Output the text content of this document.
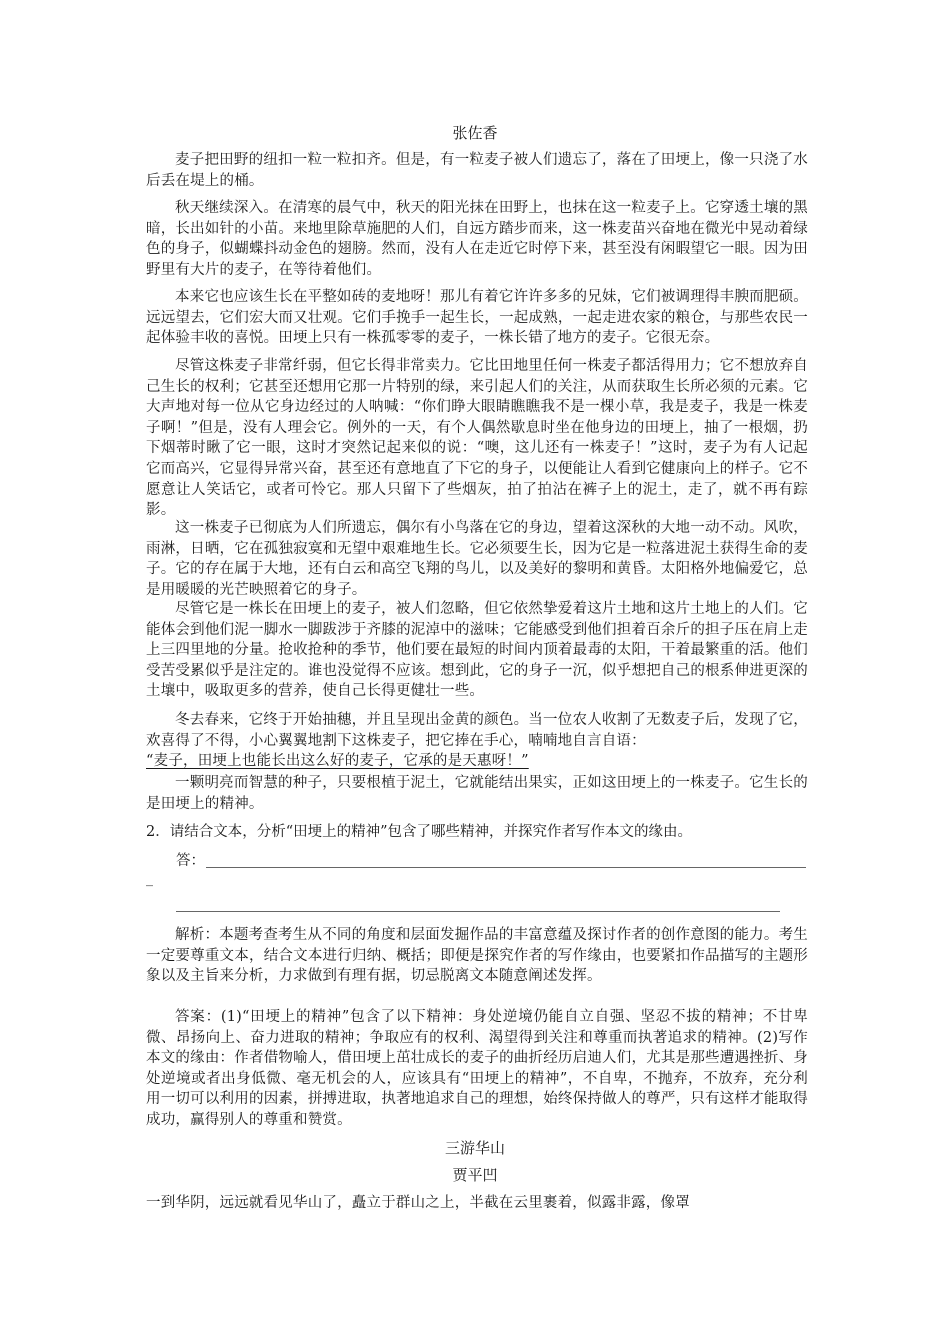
张佐香

麦子把田野的纽扣一粒一粒扣齐。但是，有一粒麦子被人们遗忘了，落在了田埂上，像一只浇了水后丢在堤上的桶。

秋天继续深入。在清寒的晨气中，秋天的阳光抹在田野上，也抹在这一粒麦子上。它穿透土壤的黑暗，长出如针的小苗。来地里除草施肥的人们，自远方踏步而来，这一株麦苗兴奋地在微光中晃动着绿色的身子，似蝴蝶抖动金色的翅膀。然而，没有人在走近它时停下来，甚至没有闲暇望它一眼。因为田野里有大片的麦子，在等待着他们。

本来它也应该生长在平整如砖的麦地呀！那儿有着它许许多多的兄妹，它们被调理得丰腴而肥硕。远远望去，它们宏大而又壮观。它们手挽手一起生长，一起成熟，一起走进农家的粮仓，与那些农民一起体验丰收的喜悦。田埂上只有一株孤零零的麦子，一株长错了地方的麦子。它很无奈。

尽管这株麦子非常纤弱，但它长得非常卖力。它比田地里任何一株麦子都活得用力；它不想放弃自己生长的权利；它甚至还想用它那一片特别的绿，来引起人们的关注，从而获取生长所必须的元素。它大声地对每一位从它身边经过的人呐喊：“你们睁大眼睛瞧瞧我不是一棵小草，我是麦子，我是一株麦子啊！”但是，没有人理会它。例外的一天，有个人偶然歇息时坐在他身边的田埂上，抽了一根烟，扔下烟蒂时瞅了它一眼，这时才突然记起来似的说：“噢，这儿还有一株麦子！”这时，麦子为有人记起它而高兴，它显得异常兴奋，甚至还有意地直了下它的身子，以便能让人看到它健康向上的样子。它不愿意让人笑话它，或者可怜它。那人只留下了些烟灰，拍了拍沾在裤子上的泥土，走了，就不再有踪影。

这一株麦子已彻底为人们所遗忘，偶尔有小鸟落在它的身边，望着这深秋的大地一动不动。风吹，雨淋，日晒，它在孤独寂寞和无望中艰难地生长。它必须要生长，因为它是一粒落进泥土获得生命的麦子。它的存在属于大地，还有白云和高空飞翔的鸟儿，以及美好的黎明和黄昏。太阳格外地偏爱它，总是用暖暖的光芒映照着它的身子。

尽管它是一株长在田埂上的麦子，被人们忽略，但它依然挚爱着这片土地和这片土地上的人们。它能体会到他们泥一脚水一脚跋涉于齐膝的泥淖中的滋味；它能感受到他们担着百余斤的担子压在肩上走上三四里地的分量。抢收抢种的季节，他们要在最短的时间内顶着最毒的太阳，干着最繁重的活。他们受苦受累似乎是注定的。谁也没觉得不应该。想到此，它的身子一沉，似乎想把自己的根系伸进更深的土壤中，吸取更多的营养，使自己长得更健壮一些。

冬去春来，它终于开始抽穗，并且呈现出金黄的颜色。当一位农人收割了无数麦子后，发现了它，欢喜得了不得，小心翼翼地割下这株麦子，把它捧在手心，喃喃地自言自语：
“麦子，田埂上也能长出这么好的麦子，它承的是天惠呀！”

一颗明亮而智慧的种子，只要根植于泥土，它就能结出果实，正如这田埂上的一株麦子。它生长的是田埂上的精神。

2．请结合文本，分析“田埂上的精神”包含了哪些精神，并探究作者写作本文的缘由。
答：
_

解析：本题考查考生从不同的角度和层面发掘作品的丰富意蕴及探讨作者的创作意图的能力。考生一定要尊重文本，结合文本进行归纳、概括；即便是探究作者的写作缘由，也要紧扣作品描写的主题形象以及主旨来分析，力求做到有理有据，切忌脱离文本随意阐述发挥。

答案：(1)“田埂上的精神”包含了以下精神：身处逆境仍能自立自强、坚忍不拔的精神；不甘卑微、昂扬向上、奋力进取的精神；争取应有的权利、渴望得到关注和尊重而执著追求的精神。(2)写作本文的缘由：作者借物喻人，借田埂上茁壮成长的麦子的曲折经历启迪人们，尤其是那些遭遇挫折、身处逆境或者出身低微、毫无机会的人，应该具有“田埂上的精神”，不自卑，不抛弃，不放弃，充分利用一切可以利用的因素，拼搏进取，执著地追求自己的理想，始终保持做人的尊严，只有这样才能取得成功，赢得别人的尊重和赞赏。

三游华山
贾平凹
一到华阴，远远就看见华山了，矗立于群山之上，半截在云里裹着，似露非露，像罩
